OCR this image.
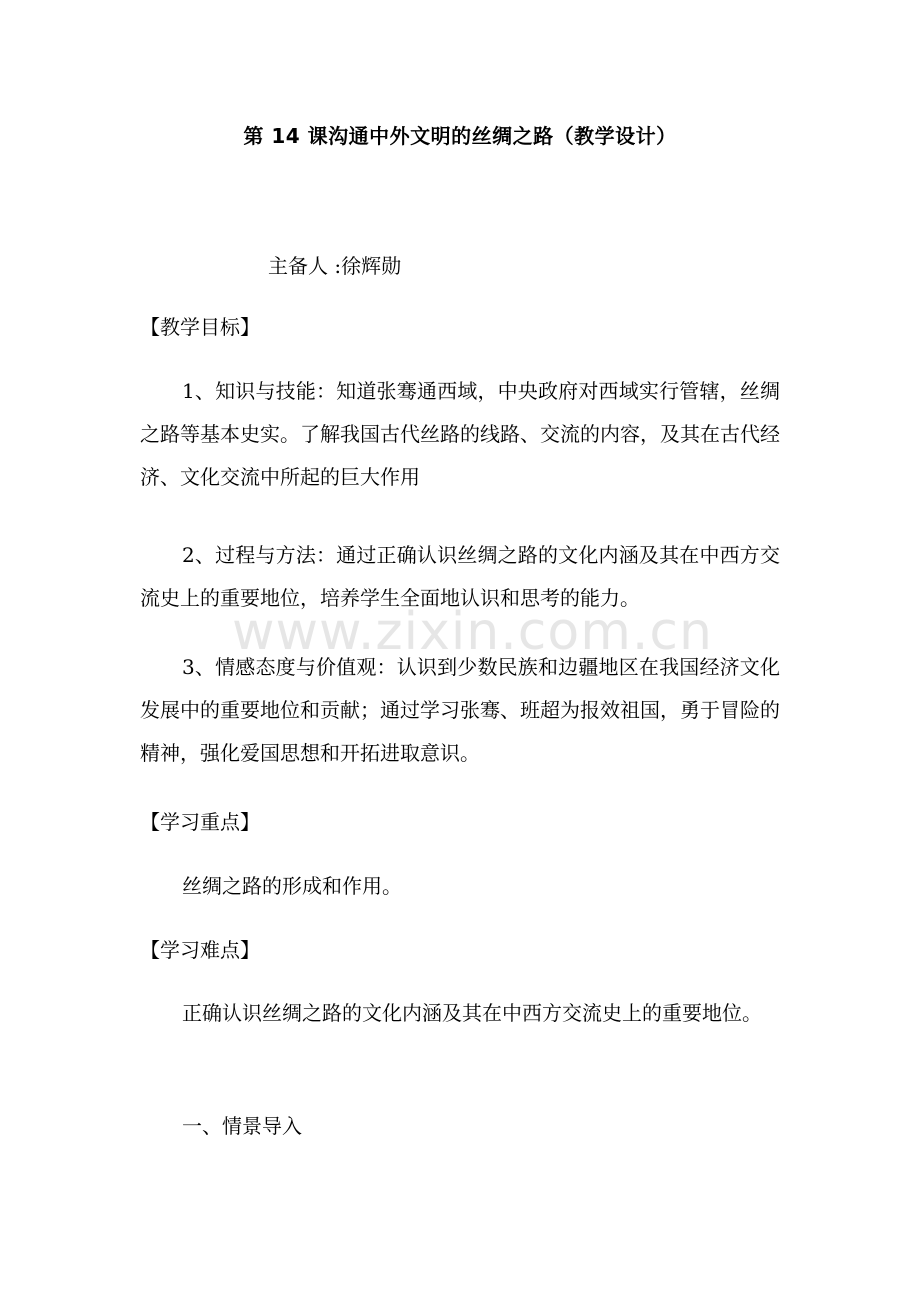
www.zixin.com.cn
第 14 课沟通中外文明的丝绸之路（教学设计）
主备人 :徐辉勋
【教学目标】
1、知识与技能：知道张骞通西域，中央政府对西域实行管辖，丝绸之路等基本史实。了解我国古代丝路的线路、交流的内容，及其在古代经济、文化交流中所起的巨大作用
2、过程与方法：通过正确认识丝绸之路的文化内涵及其在中西方交流史上的重要地位，培养学生全面地认识和思考的能力。
3、情感态度与价值观：认识到少数民族和边疆地区在我国经济文化发展中的重要地位和贡献；通过学习张骞、班超为报效祖国，勇于冒险的精神，强化爱国思想和开拓进取意识。
【学习重点】
丝绸之路的形成和作用。
【学习难点】
正确认识丝绸之路的文化内涵及其在中西方交流史上的重要地位。
一、情景导入
